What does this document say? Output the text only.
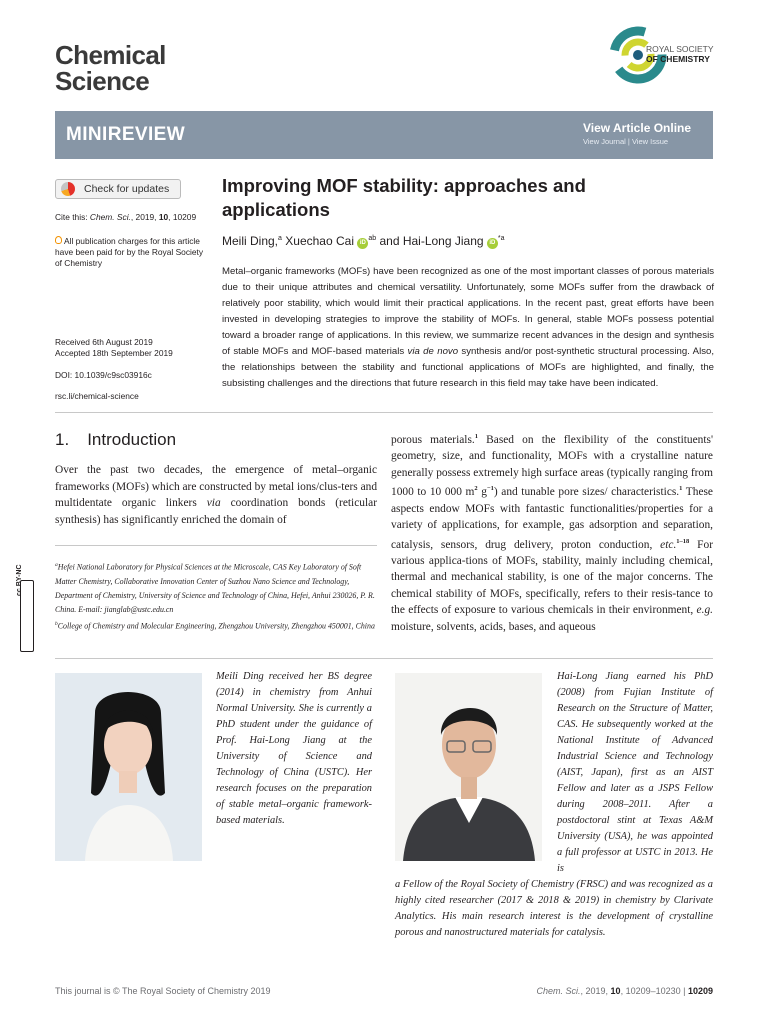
Chemical
Science
ROYAL SOCIETY
OF CHEMISTRY
MINIREVIEW	View Article Online
View Journal | View Issue
Check for updates
Cite this: Chem. Sci., 2019, 10, 10209
All publication charges for this article
have been paid for by the Royal Society
of Chemistry
Received 6th August 2019
Accepted 18th September 2019
DOI: 10.1039/c9sc03916c
rsc.li/chemical-science
Improving MOF stability: approaches and applications
Meili Ding,$^a$ Xuechao Cai $iD^{ab}$ and Hai-Long Jiang $iD^{*a}$
Metal–organic frameworks (MOFs) have been recognized as one of the most important classes of porous materials due to their unique attributes and chemical versatility. Unfortunately, some MOFs suffer from the drawback of relatively poor stability, which would limit their practical applications. In the recent past, great efforts have been invested in developing strategies to improve the stability of MOFs. In general, stable MOFs possess potential toward a broader range of applications. In this review, we summarize recent advances in the design and synthesis of stable MOFs and MOF-based materials via de novo synthesis and/or post-synthetic structural processing. Also, the relationships between the stability and functional applications of MOFs are highlighted, and finally, the subsisting challenges and the directions that future research in this field may take have been indicated.
1. Introduction
Over the past two decades, the emergence of metal–organic frameworks (MOFs) which are constructed by metal ions/clus-ters and multidentate organic linkers via coordination bonds (reticular synthesis) has significantly enriched the domain of
$^a$Hefei National Laboratory for Physical Sciences at the Microscale, CAS Key Laboratory of Soft Matter Chemistry, Collaborative Innovation Center of Suzhou Nano Science and Technology, Department of Chemistry, University of Science and Technology of China, Hefei, Anhui 230026, P. R. China. E-mail: jianglab@ustc.edu.cn
$^b$College of Chemistry and Molecular Engineering, Zhengzhou University, Zhengzhou 450001, China
cc BY-NC
porous materials.$^1$ Based on the flexibility of the constituents' geometry, size, and functionality, MOFs with a crystalline nature generally possess extremely high surface areas (typically ranging from 1000 to 10 000 $m^2$ $g^{-1}$) and tunable pore sizes/ characteristics.$^1$ These aspects endow MOFs with fantastic functionalities/properties for a variety of applications, for example, gas adsorption and separation, catalysis, sensors, drug delivery, proton conduction, etc.$^{1-18}$ For various applica-tions of MOFs, stability, mainly including chemical, thermal and mechanical stability, is one of the major concerns. The chemical stability of MOFs, specifically, refers to their resis-tance to the effects of exposure to various chemicals in their environment, e.g. moisture, solvents, acids, bases, and aqueous
Meili Ding received her BS degree (2014) in chemistry from Anhui Normal University. She is currently a PhD student under the guidance of Prof. Hai-Long Jiang at the University of Science and Technology of China (USTC). Her research focuses on the preparation of stable metal–organic framework-based materials.
Hai-Long Jiang earned his PhD (2008) from Fujian Institute of Research on the Structure of Matter, CAS. He subsequently worked at the National Institute of Advanced Industrial Science and Technology (AIST, Japan), first as an AIST Fellow and later as a JSPS Fellow during 2008–2011. After a postdoctoral stint at Texas A&M University (USA), he was appointed a full professor at USTC in 2013. He is
a Fellow of the Royal Society of Chemistry (FRSC) and was recognized as a highly cited researcher (2017 & 2018 & 2019) in chemistry by Clarivate Analytics. His main research interest is the development of crystalline porous and nanostructured materials for catalysis.
This journal is © The Royal Society of Chemistry 2019	Chem. Sci., 2019, 10, 10209–10230 | 10209
